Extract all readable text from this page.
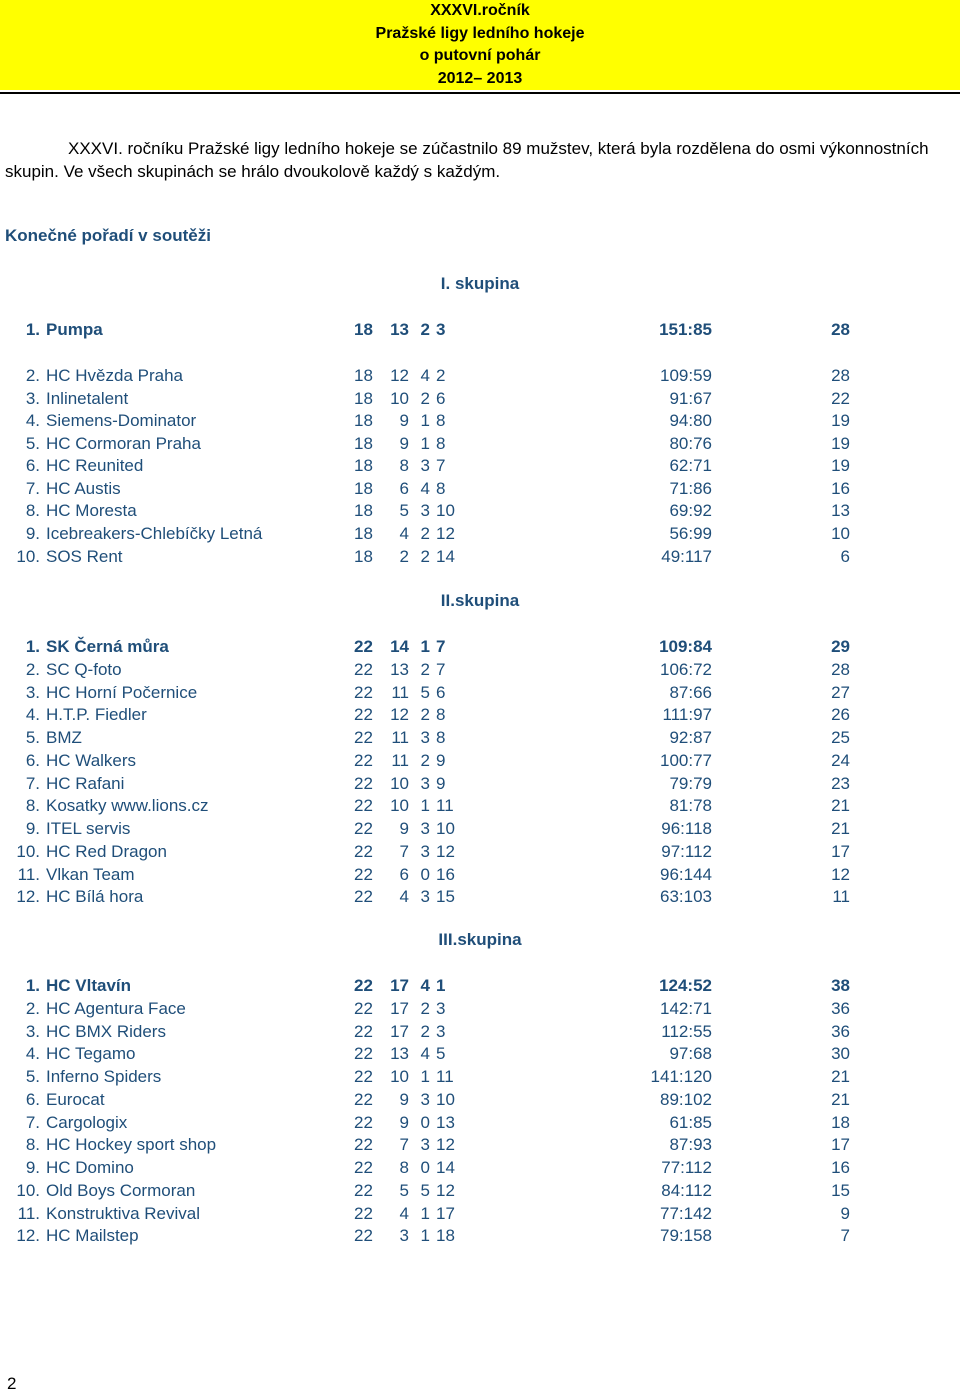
XXXVI.ročník
Pražské ligy ledního hokeje
o putovní pohár
2012– 2013
XXXVI. ročníku Pražské ligy ledního hokeje se zúčastnilo 89 mužstev, která byla rozdělena do osmi výkonnostních skupin. Ve všech skupinách se hrálo dvoukolově každý s každým.
Konečné pořadí v soutěži
I. skupina
1. Pumpa	18	13 2 3	151:85	28
2. HC Hvězda Praha	18	12 4 2	109:59	28
3. Inlinetalent	18	10 2 6	91:67	22
4. Siemens-Dominator	18	9 1 8	94:80	19
5. HC Cormoran Praha	18	9 1 8	80:76	19
6. HC Reunited	18	8 3 7	62:71	19
7. HC Austis	18	6 4 8	71:86	16
8. HC Moresta	18	5 3 10	69:92	13
9. Icebreakers-Chlebíčky Letná	18	4 2 12	56:99	10
10. SOS Rent	18	2 2 14	49:117	6
II.skupina
1. SK Černá můra	22	14 1 7	109:84	29
2. SC Q-foto	22	13 2 7	106:72	28
3. HC Horní Počernice	22	11 5 6	87:66	27
4. H.T.P. Fiedler	22	12 2 8	111:97	26
5. BMZ	22	11 3 8	92:87	25
6. HC Walkers	22	11 2 9	100:77	24
7. HC Rafani	22	10 3 9	79:79	23
8. Kosatky www.lions.cz	22	10 1 11	81:78	21
9. ITEL servis	22	9 3 10	96:118	21
10. HC Red Dragon	22	7 3 12	97:112	17
11. Vlkan Team	22	6 0 16	96:144	12
12. HC Bílá hora	22	4 3 15	63:103	11
III.skupina
1. HC Vltavín	22	17 4 1	124:52	38
2. HC Agentura Face	22	17 2 3	142:71	36
3. HC BMX Riders	22	17 2 3	112:55	36
4. HC Tegamo	22	13 4 5	97:68	30
5. Inferno Spiders	22	10 1 11	141:120	21
6. Eurocat	22	9 3 10	89:102	21
7. Cargologix	22	9 0 13	61:85	18
8. HC Hockey sport shop	22	7 3 12	87:93	17
9. HC Domino	22	8 0 14	77:112	16
10. Old Boys Cormoran	22	5 5 12	84:112	15
11. Konstruktiva Revival	22	4 1 17	77:142	9
12. HC Mailstep	22	3 1 18	79:158	7
2
